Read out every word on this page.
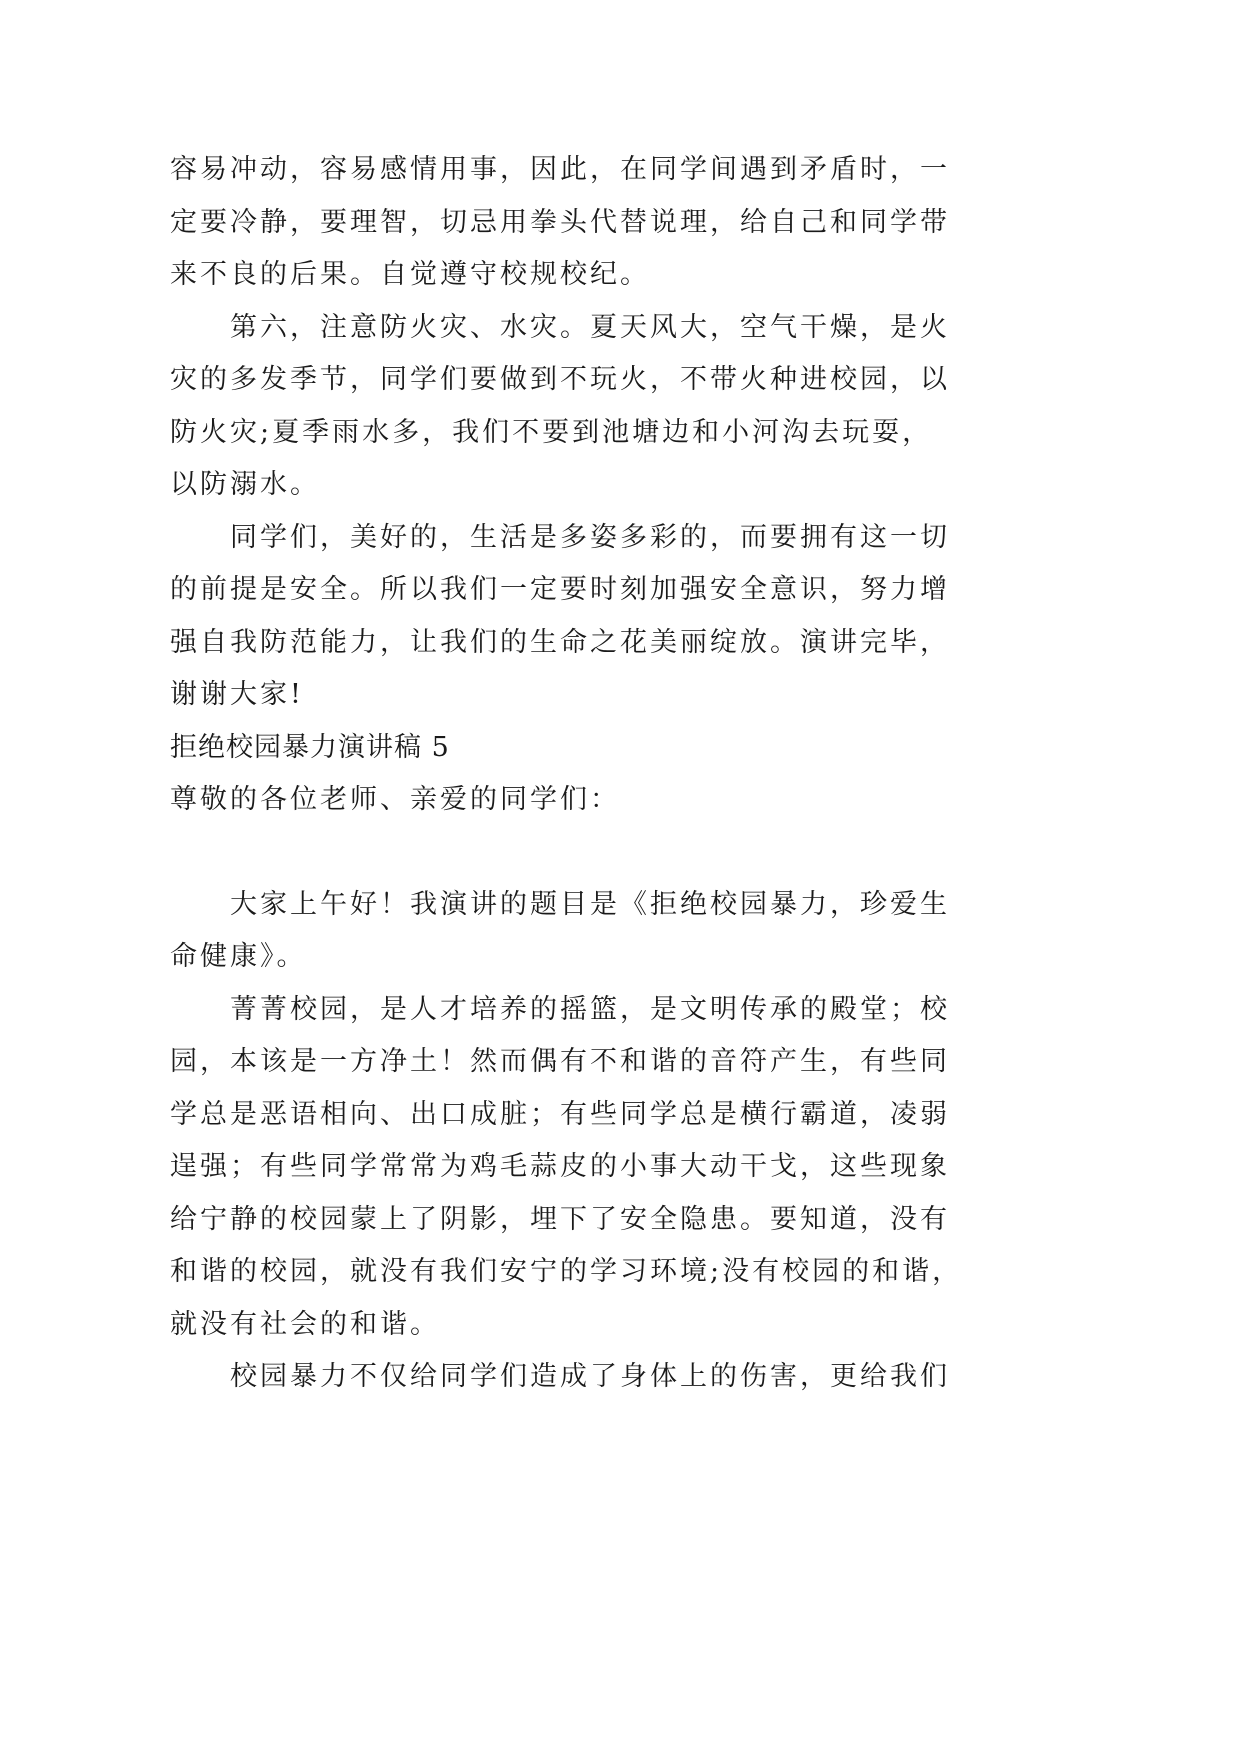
容易冲动，容易感情用事，因此，在同学间遇到矛盾时，一
定要冷静，要理智，切忌用拳头代替说理，给自己和同学带
来不良的后果。自觉遵守校规校纪。
第六，注意防火灾、水灾。夏天风大，空气干燥，是火
灾的多发季节，同学们要做到不玩火，不带火种进校园，以
防火灾;夏季雨水多，我们不要到池塘边和小河沟去玩耍，
以防溺水。
同学们，美好的，生活是多姿多彩的，而要拥有这一切
的前提是安全。所以我们一定要时刻加强安全意识，努力增
强自我防范能力，让我们的生命之花美丽绽放。演讲完毕，
谢谢大家!
拒绝校园暴力演讲稿 5
尊敬的各位老师、亲爱的同学们：
大家上午好！我演讲的题目是《拒绝校园暴力，珍爱生
命健康》。
菁菁校园，是人才培养的摇篮，是文明传承的殿堂；校
园，本该是一方净土！然而偶有不和谐的音符产生，有些同
学总是恶语相向、出口成脏；有些同学总是横行霸道，凌弱
逞强；有些同学常常为鸡毛蒜皮的小事大动干戈，这些现象
给宁静的校园蒙上了阴影，埋下了安全隐患。要知道，没有
和谐的校园，就没有我们安宁的学习环境;没有校园的和谐，
就没有社会的和谐。
校园暴力不仅给同学们造成了身体上的伤害，更给我们
